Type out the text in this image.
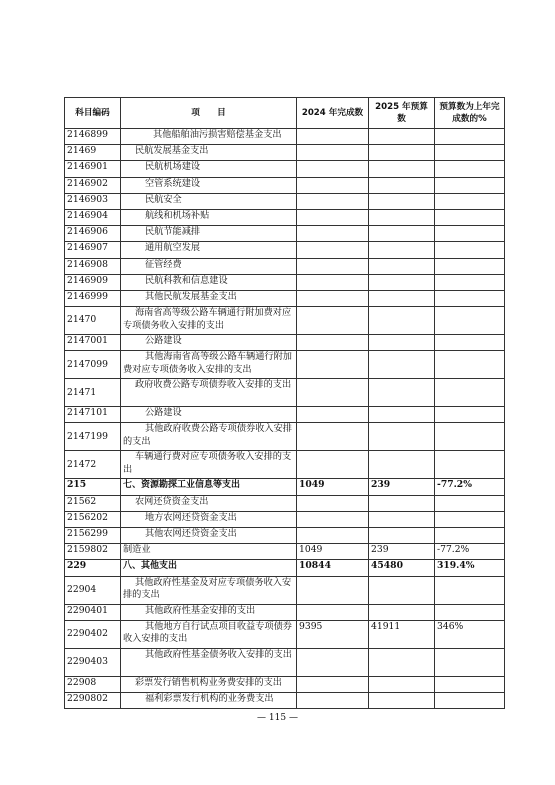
科目编码	项　　目	2024 年完成数	2025 年预算数	预算数为上年完成数的%
2146899	其他船舶油污损害赔偿基金支出			
21469	民航发展基金支出			
2146901	民航机场建设			
2146902	空管系统建设			
2146903	民航安全			
2146904	航线和机场补贴			
2146906	民航节能减排			
2146907	通用航空发展			
2146908	征管经费			
2146909	民航科教和信息建设			
2146999	其他民航发展基金支出			
21470	海南省高等级公路车辆通行附加费对应专项债务收入安排的支出			
2147001	公路建设			
2147099	其他海南省高等级公路车辆通行附加费对应专项债务收入安排的支出			
21471	政府收费公路专项债券收入安排的支出			
2147101	公路建设			
2147199	其他政府收费公路专项债券收入安排的支出			
21472	车辆通行费对应专项债务收入安排的支出			
215	七、资源勘探工业信息等支出	1049	239	-77.2%
21562	农网还贷资金支出			
2156202	地方农网还贷资金支出			
2156299	其他农网还贷资金支出			
2159802	制造业	1049	239	-77.2%
229	八、其他支出	10844	45480	319.4%
22904	其他政府性基金及对应专项债务收入安排的支出			
2290401	其他政府性基金安排的支出			
2290402	其他地方自行试点项目收益专项债券收入安排的支出	9395	41911	346%
2290403	其他政府性基金债务收入安排的支出			
22908	彩票发行销售机构业务费安排的支出			
2290802	福利彩票发行机构的业务费支出			
— 115 —
